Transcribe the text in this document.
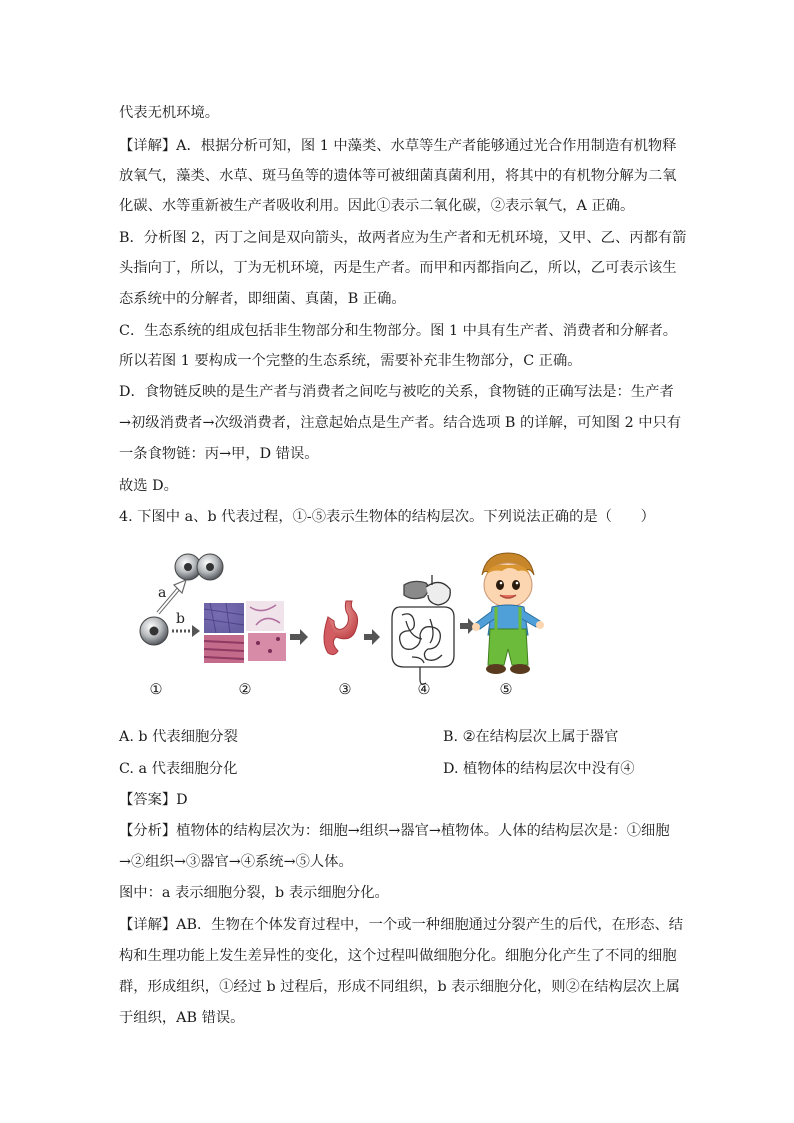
代表无机环境。
【详解】A．根据分析可知，图 1 中藻类、水草等生产者能够通过光合作用制造有机物释
放氧气，藻类、水草、斑马鱼等的遗体等可被细菌真菌利用，将其中的有机物分解为二氧
化碳、水等重新被生产者吸收利用。因此①表示二氧化碳，②表示氧气，A 正确。
B．分析图 2，丙丁之间是双向箭头，故两者应为生产者和无机环境，又甲、乙、丙都有箭
头指向丁，所以，丁为无机环境，丙是生产者。而甲和丙都指向乙，所以，乙可表示该生
态系统中的分解者，即细菌、真菌，B 正确。
C．生态系统的组成包括非生物部分和生物部分。图 1 中具有生产者、消费者和分解者。
所以若图 1 要构成一个完整的生态系统，需要补充非生物部分，C 正确。
D．食物链反映的是生产者与消费者之间吃与被吃的关系，食物链的正确写法是：生产者
→初级消费者→次级消费者，注意起始点是生产者。结合选项 B 的详解，可知图 2 中只有
一条食物链：丙→甲，D 错误。
故选 D。
4. 下图中 a、b 代表过程，①-⑤表示生物体的结构层次。下列说法正确的是（　　）
a
b
①	②	③	④	⑤
A. b 代表细胞分裂	B. ②在结构层次上属于器官
C. a 代表细胞分化	D. 植物体的结构层次中没有④
【答案】D
【分析】植物体的结构层次为：细胞→组织→器官→植物体。人体的结构层次是：①细胞
→②组织→③器官→④系统→⑤人体。
图中：a 表示细胞分裂，b 表示细胞分化。
【详解】AB．生物在个体发育过程中，一个或一种细胞通过分裂产生的后代，在形态、结
构和生理功能上发生差异性的变化，这个过程叫做细胞分化。细胞分化产生了不同的细胞
群，形成组织，①经过 b 过程后，形成不同组织，b 表示细胞分化，则②在结构层次上属
于组织，AB 错误。
